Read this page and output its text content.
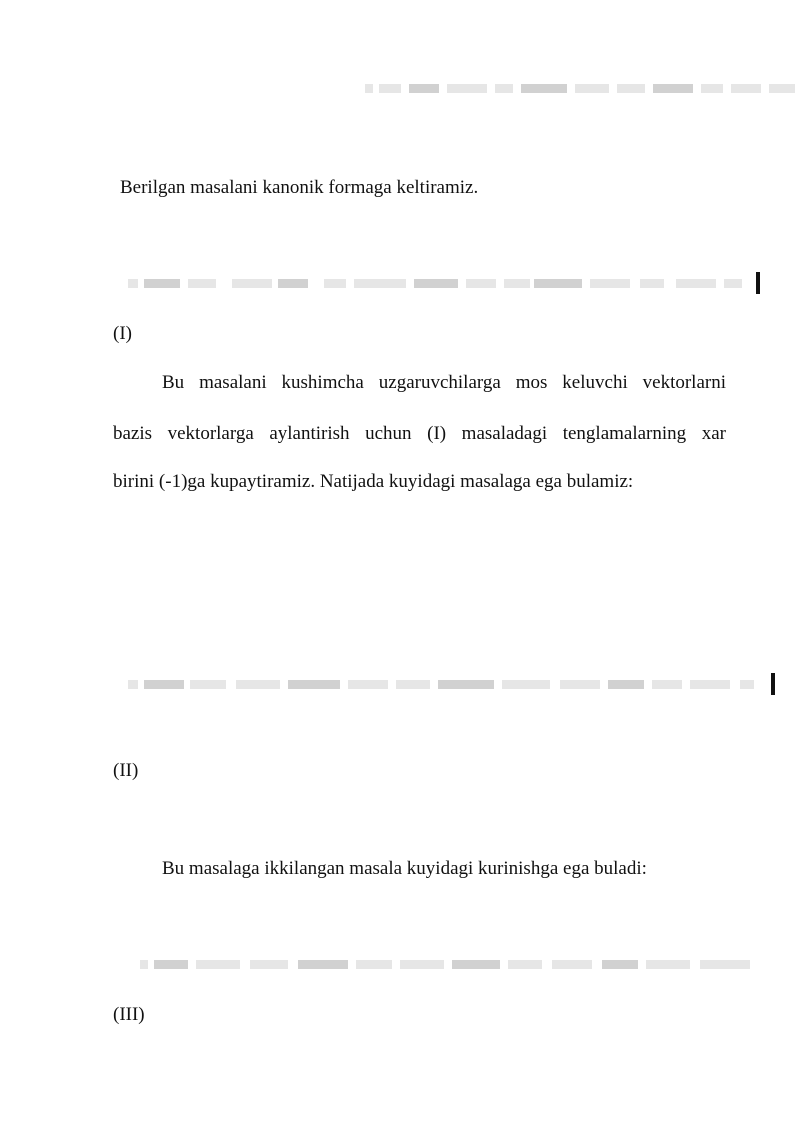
Berilgan masalani kanonik formaga keltiramiz.
(I)
Bu masalani kushimcha uzgaruvchilarga mos keluvchi vektorlarni
bazis vektorlarga aylantirish uchun (I) masaladagi tenglamalarning xar
birini (-1)ga kupaytiramiz. Natijada kuyidagi masalaga ega bulamiz:
(II)
Bu masalaga ikkilangan masala kuyidagi kurinishga ega buladi:
(III)
